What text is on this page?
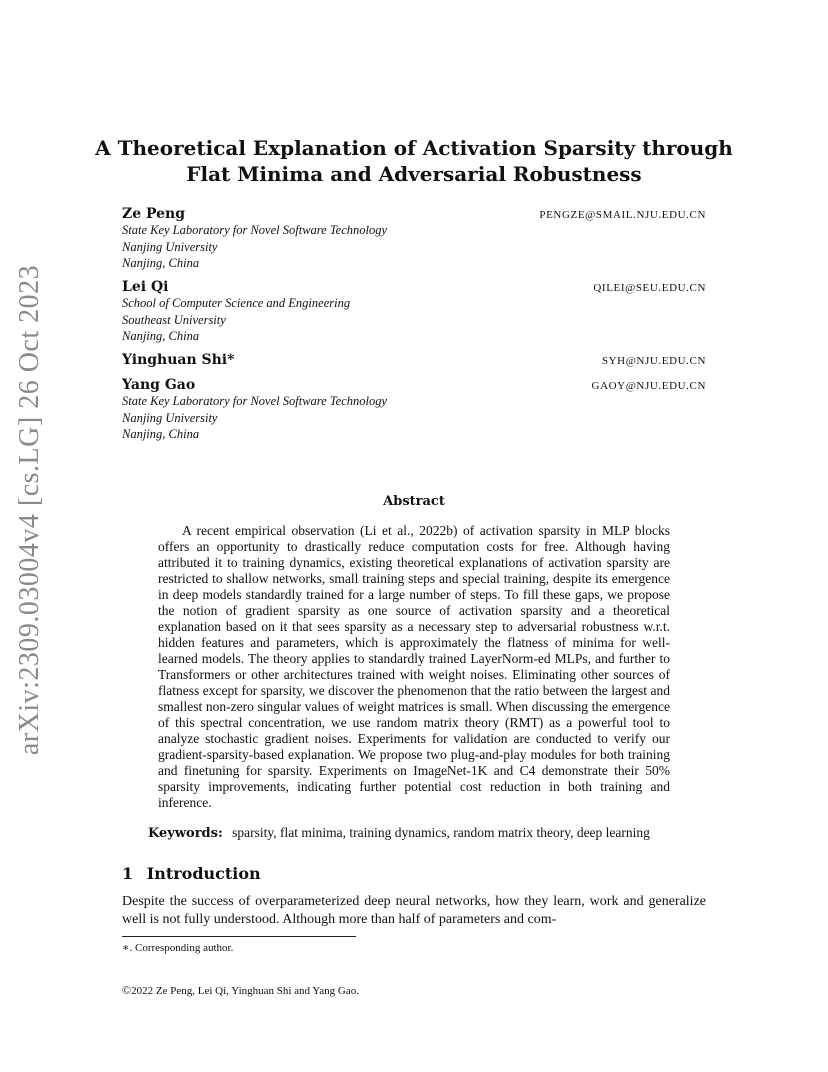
arXiv:2309.03004v4 [cs.LG] 26 Oct 2023
A Theoretical Explanation of Activation Sparsity through
Flat Minima and Adversarial Robustness
Ze Peng	PENGZE@SMAIL.NJU.EDU.CN
State Key Laboratory for Novel Software Technology
Nanjing University
Nanjing, China
Lei Qi	QILEI@SEU.EDU.CN
School of Computer Science and Engineering
Southeast University
Nanjing, China
Yinghuan Shi*	SYH@NJU.EDU.CN
Yang Gao	GAOY@NJU.EDU.CN
State Key Laboratory for Novel Software Technology
Nanjing University
Nanjing, China
Abstract
A recent empirical observation (Li et al., 2022b) of activation sparsity in MLP blocks offers an opportunity to drastically reduce computation costs for free. Although having attributed it to training dynamics, existing theoretical explanations of activation sparsity are restricted to shallow networks, small training steps and special training, despite its emergence in deep models standardly trained for a large number of steps. To fill these gaps, we propose the notion of gradient sparsity as one source of activation sparsity and a theoretical explanation based on it that sees sparsity as a necessary step to adversarial robustness w.r.t. hidden features and parameters, which is approximately the flatness of minima for well-learned models. The theory applies to standardly trained LayerNorm-ed MLPs, and further to Transformers or other architectures trained with weight noises. Eliminating other sources of flatness except for sparsity, we discover the phenomenon that the ratio between the largest and smallest non-zero singular values of weight matrices is small. When discussing the emergence of this spectral concentration, we use random matrix theory (RMT) as a powerful tool to analyze stochastic gradient noises. Experiments for validation are conducted to verify our gradient-sparsity-based explanation. We propose two plug-and-play modules for both training and finetuning for sparsity. Experiments on ImageNet-1K and C4 demonstrate their 50% sparsity improvements, indicating further potential cost reduction in both training and inference.
Keywords: sparsity, flat minima, training dynamics, random matrix theory, deep learning
1 Introduction
Despite the success of overparameterized deep neural networks, how they learn, work and generalize well is not fully understood. Although more than half of parameters and com-
∗. Corresponding author.
©2022 Ze Peng, Lei Qi, Yinghuan Shi and Yang Gao.
